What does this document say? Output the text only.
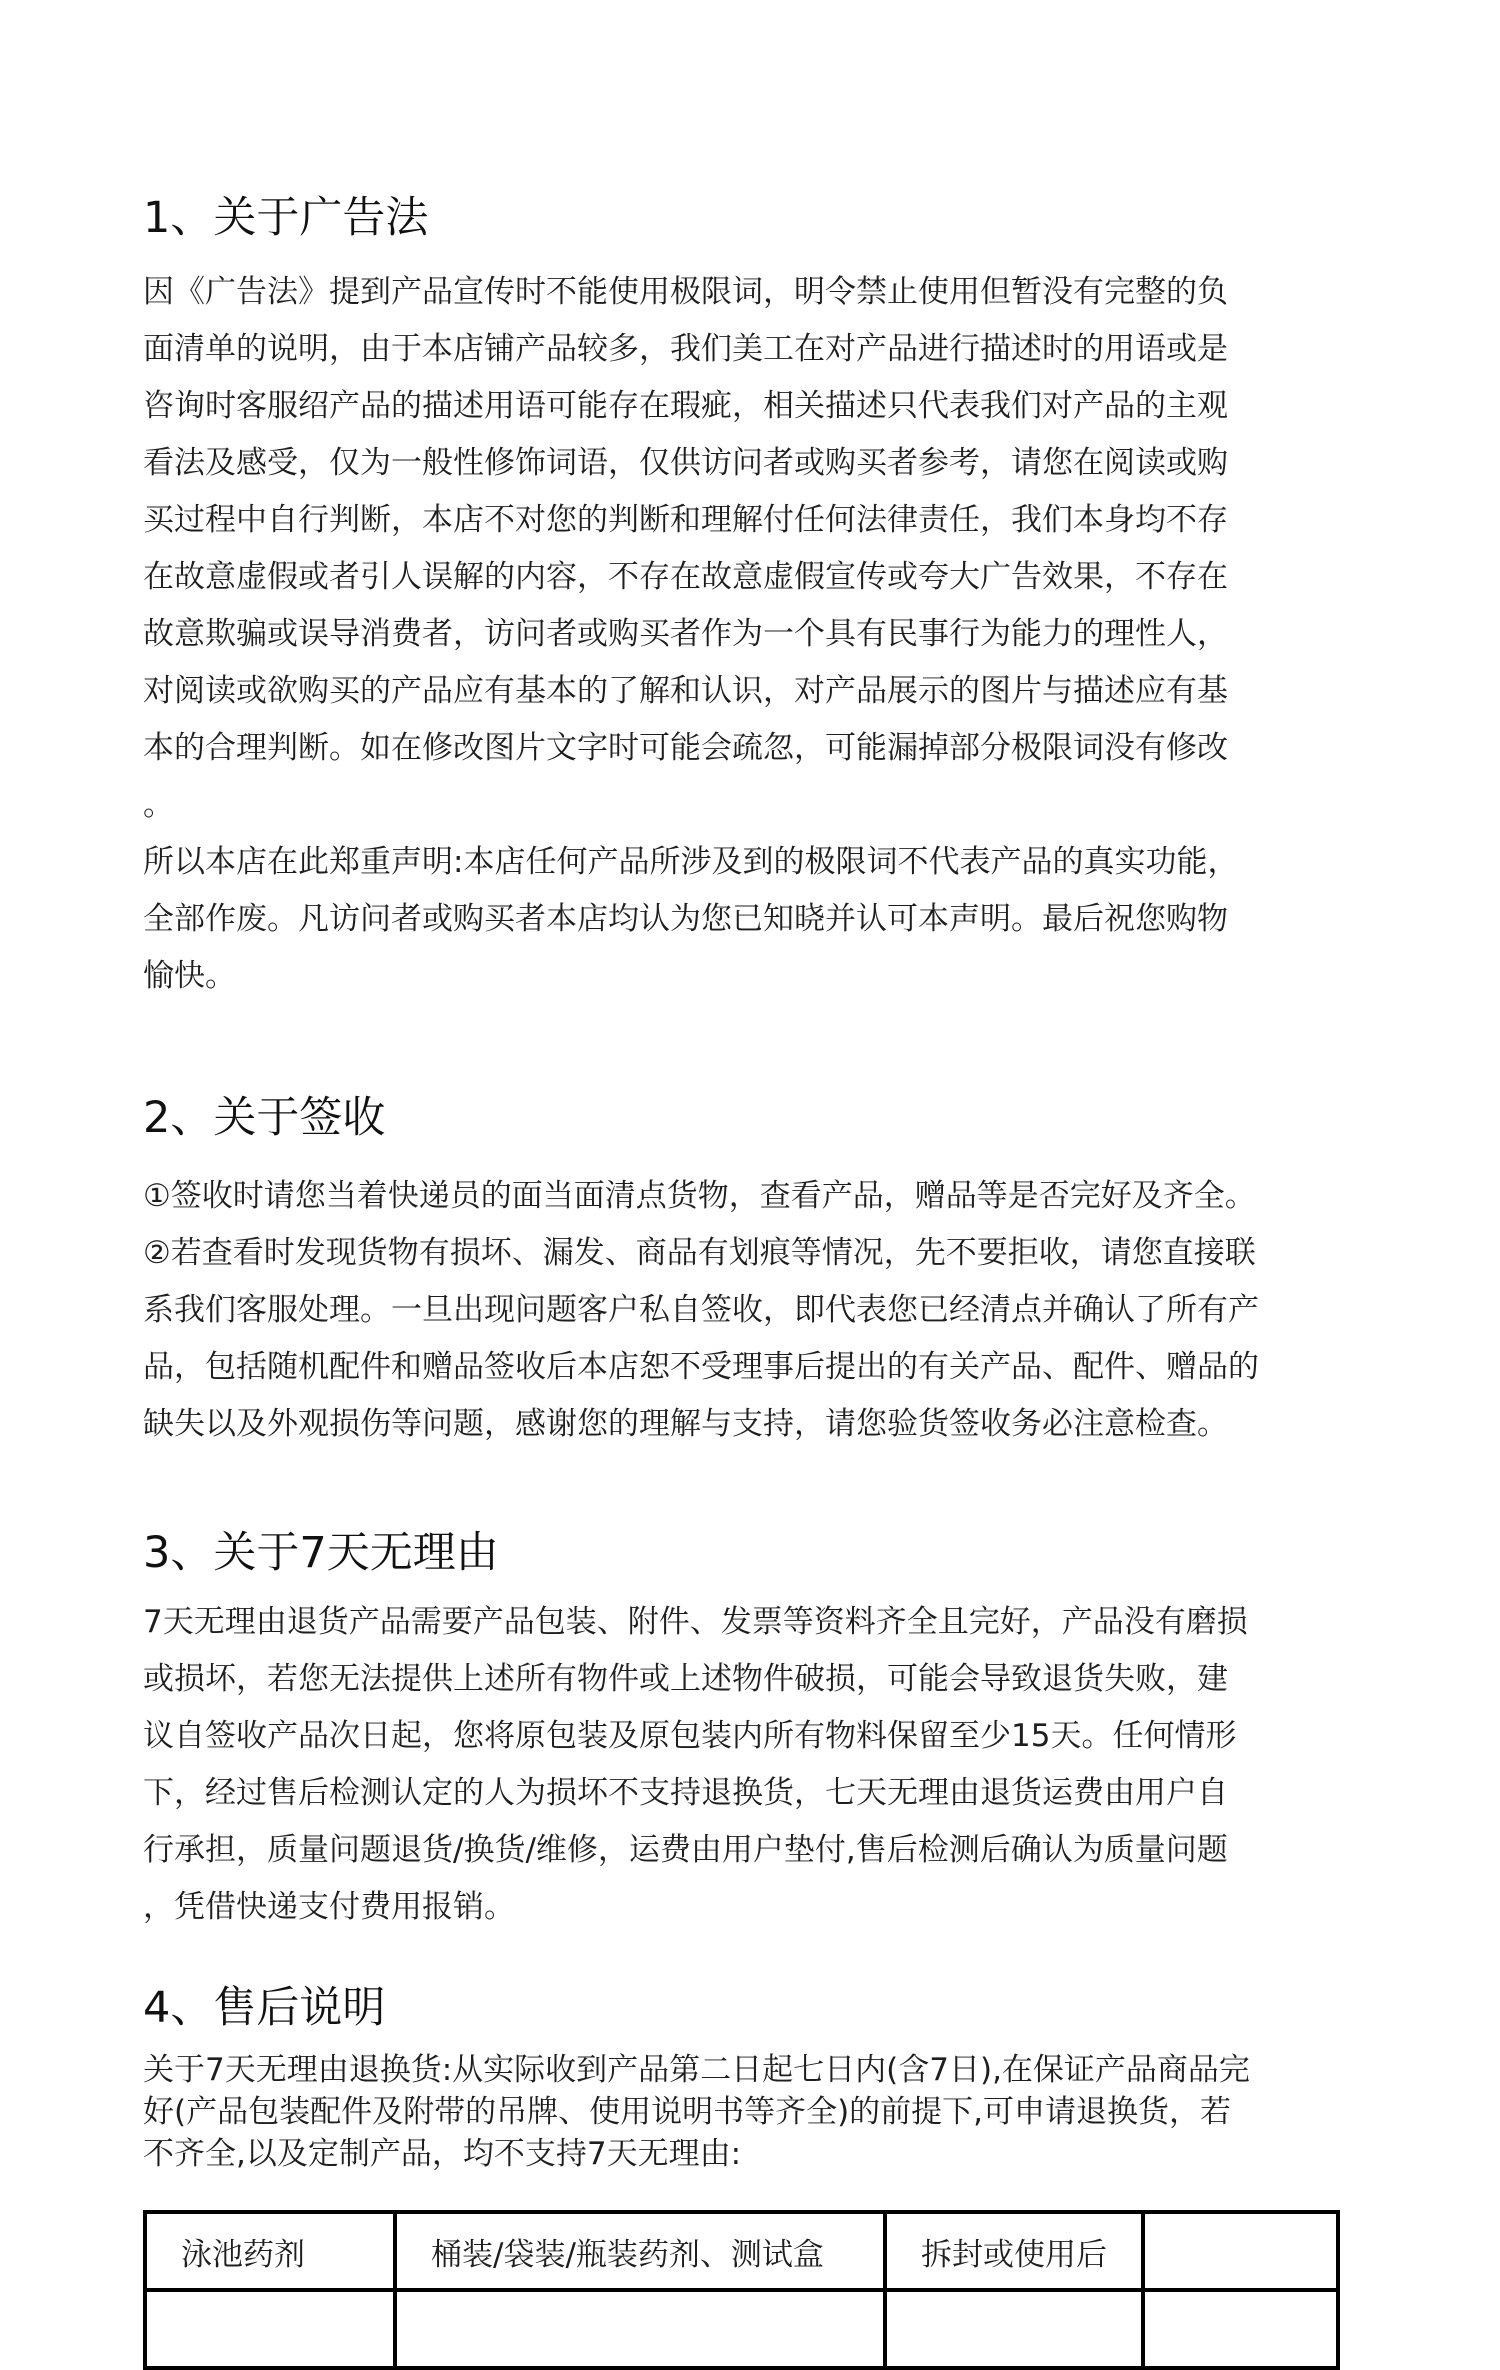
1、关于广告法
因《广告法》提到产品宣传时不能使用极限词，明令禁止使用但暂没有完整的负
面清单的说明，由于本店铺产品较多，我们美工在对产品进行描述时的用语或是
咨询时客服绍产品的描述用语可能存在瑕疵，相关描述只代表我们对产品的主观
看法及感受，仅为一般性修饰词语，仅供访问者或购买者参考，请您在阅读或购
买过程中自行判断，本店不对您的判断和理解付任何法律责任，我们本身均不存
在故意虚假或者引人误解的内容，不存在故意虚假宣传或夸大广告效果，不存在
故意欺骗或误导消费者，访问者或购买者作为一个具有民事行为能力的理性人，
对阅读或欲购买的产品应有基本的了解和认识，对产品展示的图片与描述应有基
本的合理判断。如在修改图片文字时可能会疏忽，可能漏掉部分极限词没有修改
。
所以本店在此郑重声明:本店任何产品所涉及到的极限词不代表产品的真实功能，
全部作废。凡访问者或购买者本店均认为您已知晓并认可本声明。最后祝您购物
愉快。
2、关于签收
①签收时请您当着快递员的面当面清点货物，查看产品，赠品等是否完好及齐全。
②若查看时发现货物有损坏、漏发、商品有划痕等情况，先不要拒收，请您直接联
系我们客服处理。一旦出现问题客户私自签收，即代表您已经清点并确认了所有产
品，包括随机配件和赠品签收后本店恕不受理事后提出的有关产品、配件、赠品的
缺失以及外观损伤等问题，感谢您的理解与支持，请您验货签收务必注意检查。
3、关于7天无理由
7天无理由退货产品需要产品包装、附件、发票等资料齐全且完好，产品没有磨损
或损坏，若您无法提供上述所有物件或上述物件破损，可能会导致退货失败，建
议自签收产品次日起，您将原包装及原包装内所有物料保留至少15天。任何情形
下，经过售后检测认定的人为损坏不支持退换货，七天无理由退货运费由用户自
行承担，质量问题退货/换货/维修，运费由用户垫付,售后检测后确认为质量问题
，凭借快递支付费用报销。
4、售后说明
关于7天无理由退换货:从实际收到产品第二日起七日内(含7日),在保证产品商品完
好(产品包装配件及附带的吊牌、使用说明书等齐全)的前提下,可申请退换货，若
不齐全,以及定制产品，均不支持7天无理由:
泳池药剂	桶装/袋装/瓶装药剂、测试盒	拆封或使用后	
